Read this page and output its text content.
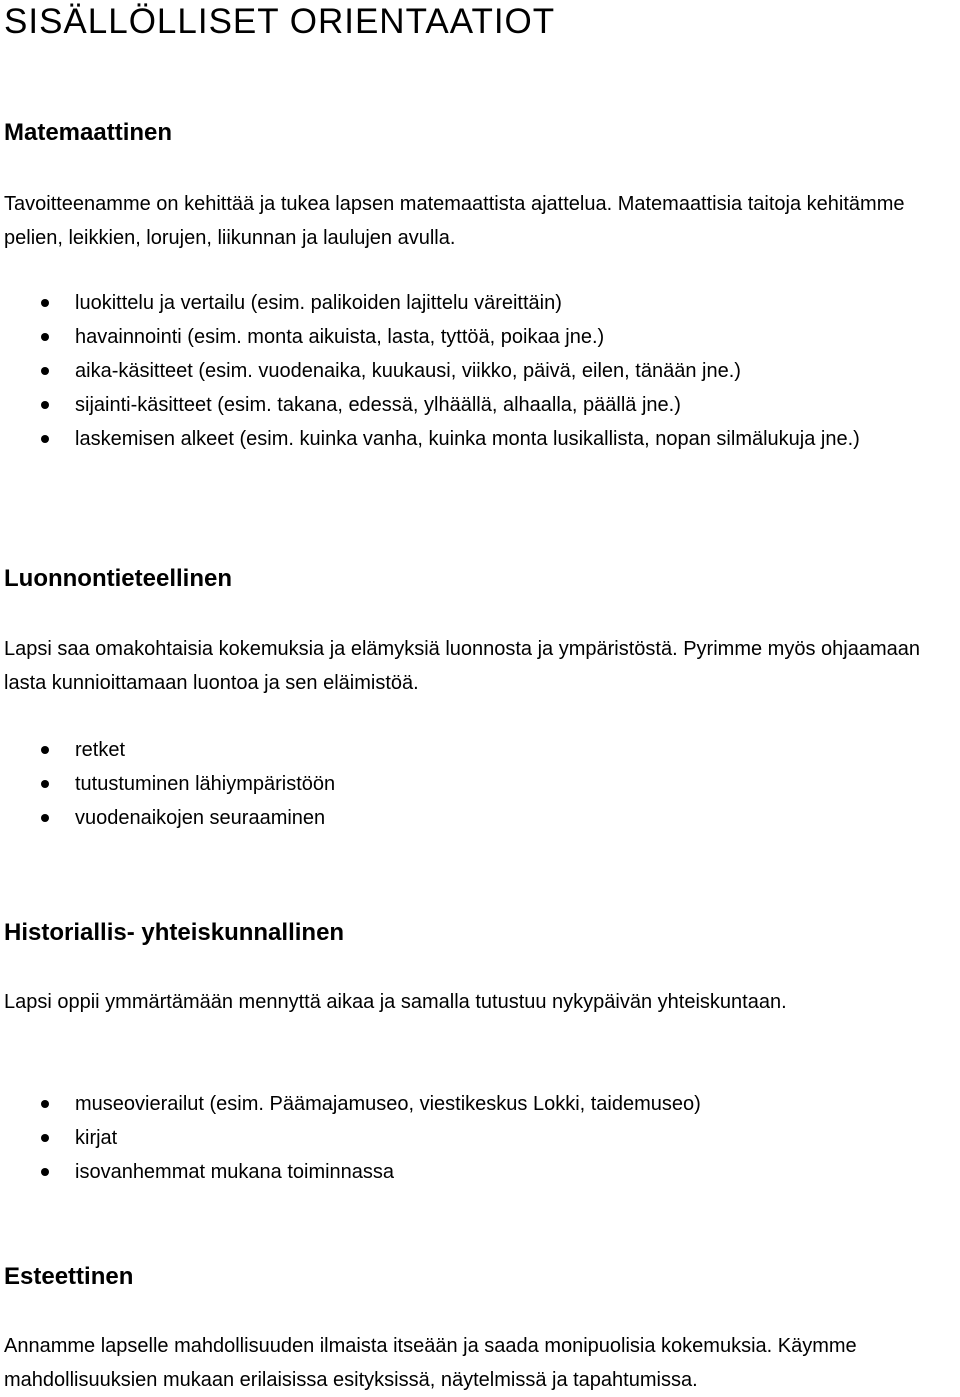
SISÄLLÖLLISET ORIENTAATIOT
Matemaattinen

Tavoitteenamme on kehittää ja tukea lapsen matemaattista ajattelua. Matemaattisia taitoja kehitämme pelien, leikkien, lorujen, liikunnan ja laulujen avulla.

luokittelu ja vertailu (esim. palikoiden lajittelu väreittäin)
havainnointi (esim. monta aikuista, lasta, tyttöä, poikaa jne.)
aika-käsitteet (esim. vuodenaika, kuukausi, viikko, päivä, eilen, tänään jne.)
sijainti-käsitteet (esim. takana, edessä, ylhäällä, alhaalla, päällä jne.)
laskemisen alkeet (esim. kuinka vanha, kuinka monta lusikallista, nopan silmälukuja jne.)
Luonnontieteellinen

Lapsi saa omakohtaisia kokemuksia ja elämyksiä luonnosta ja ympäristöstä. Pyrimme myös ohjaamaan lasta kunnioittamaan luontoa ja sen eläimistöä.

retket
tutustuminen lähiympäristöön
vuodenaikojen seuraaminen
Historiallis- yhteiskunnallinen

Lapsi oppii ymmärtämään mennyttä aikaa ja samalla tutustuu nykypäivän yhteiskuntaan.

museovierailut (esim. Päämajamuseo, viestikeskus Lokki, taidemuseo)
kirjat
isovanhemmat mukana toiminnassa
Esteettinen

Annamme lapselle mahdollisuuden ilmaista itseään ja saada monipuolisia kokemuksia. Käymme mahdollisuuksien mukaan erilaisissa esityksissä, näytelmissä ja tapahtumissa.
